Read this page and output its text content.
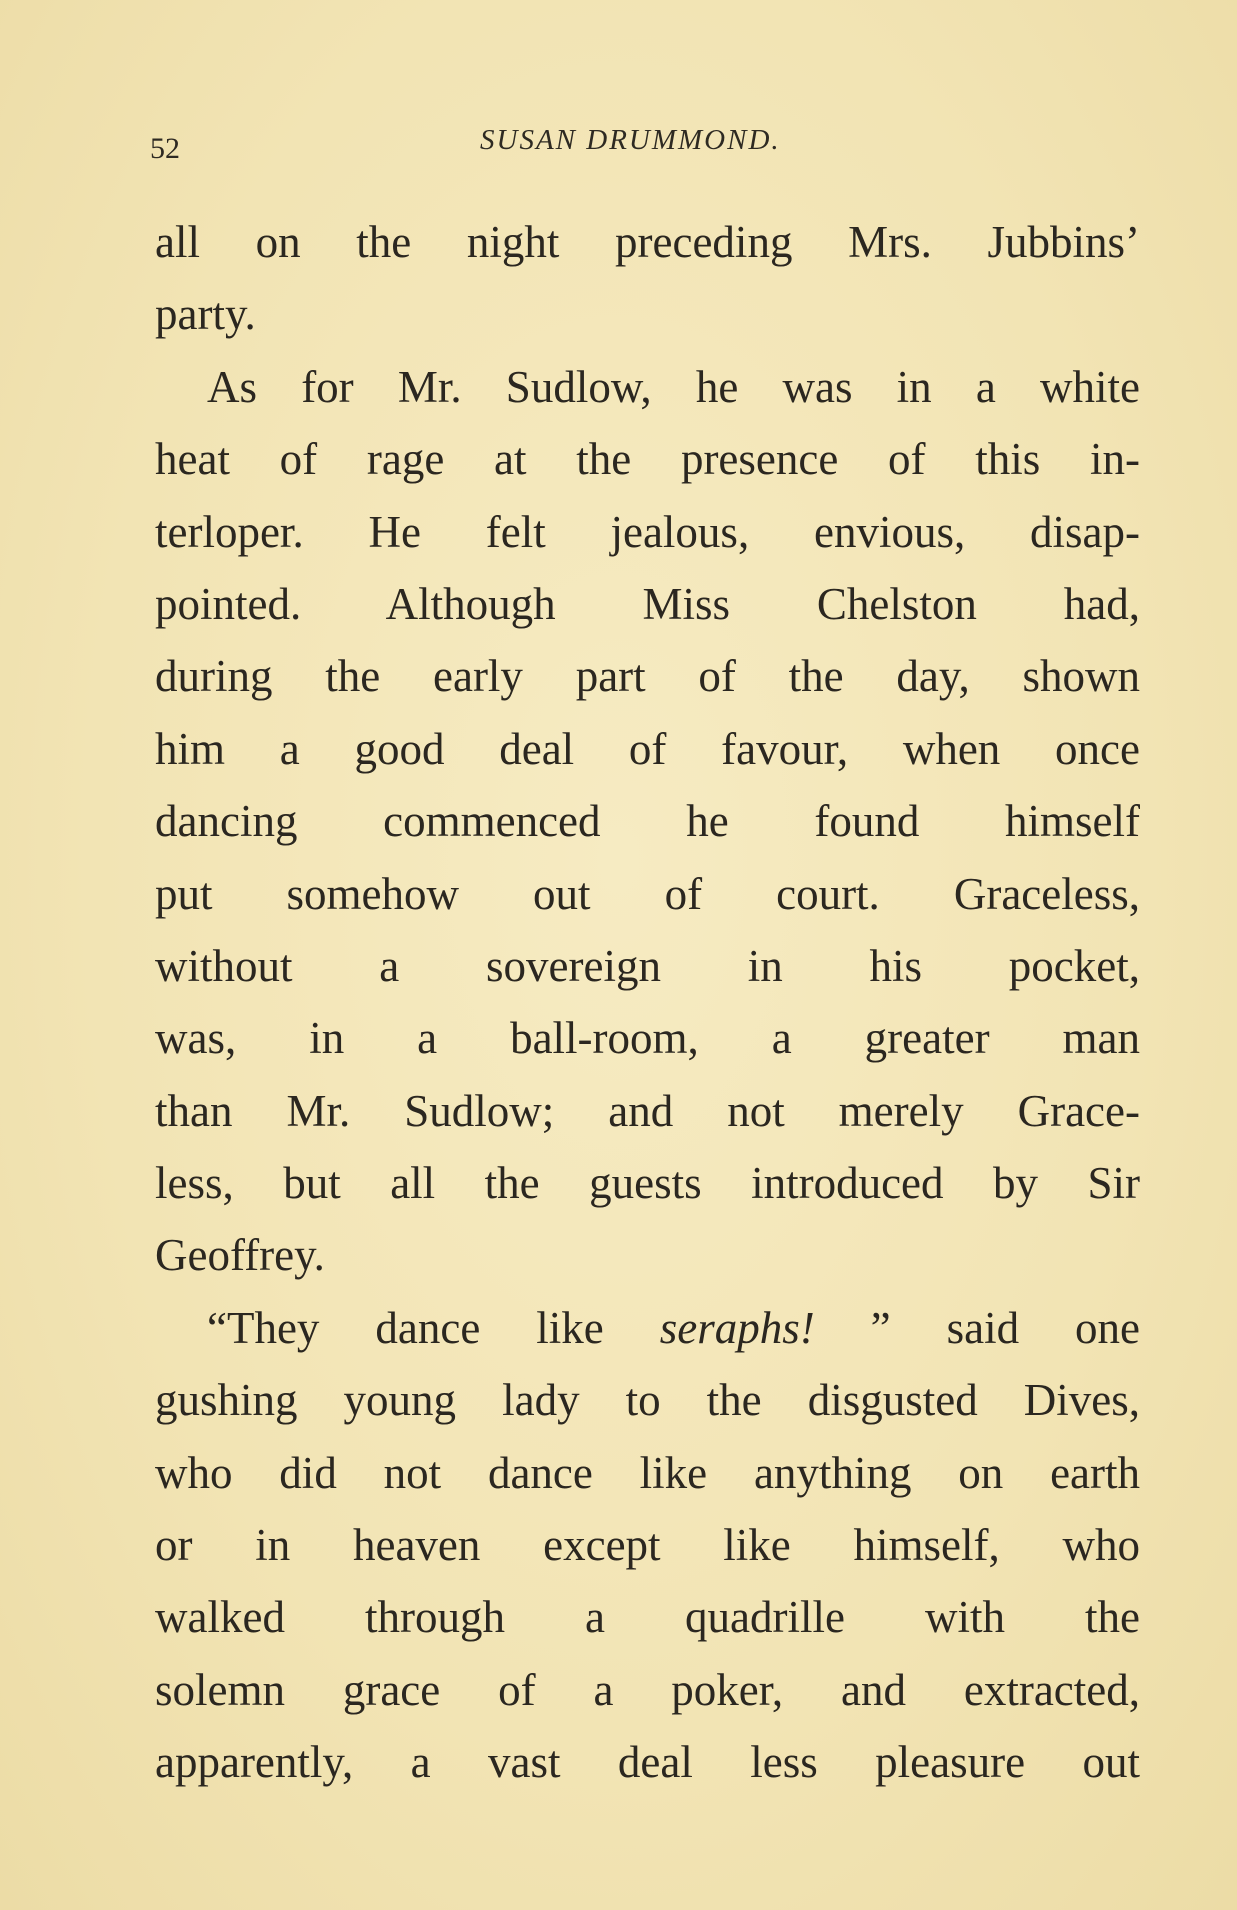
52	SUSAN DRUMMOND.
all on the night preceding Mrs. Jubbins’
party.
As for Mr. Sudlow, he was in a white
heat of rage at the presence of this in-
terloper. He felt jealous, envious, disap-
pointed. Although Miss Chelston had,
during the early part of the day, shown
him a good deal of favour, when once
dancing commenced he found himself
put somehow out of court. Graceless,
without a sovereign in his pocket,
was, in a ball-room, a greater man
than Mr. Sudlow; and not merely Grace-
less, but all the guests introduced by Sir
Geoffrey.
“They dance like seraphs! ” said one
gushing young lady to the disgusted Dives,
who did not dance like anything on earth
or in heaven except like himself, who
walked through a quadrille with the
solemn grace of a poker, and extracted,
apparently, a vast deal less pleasure out
